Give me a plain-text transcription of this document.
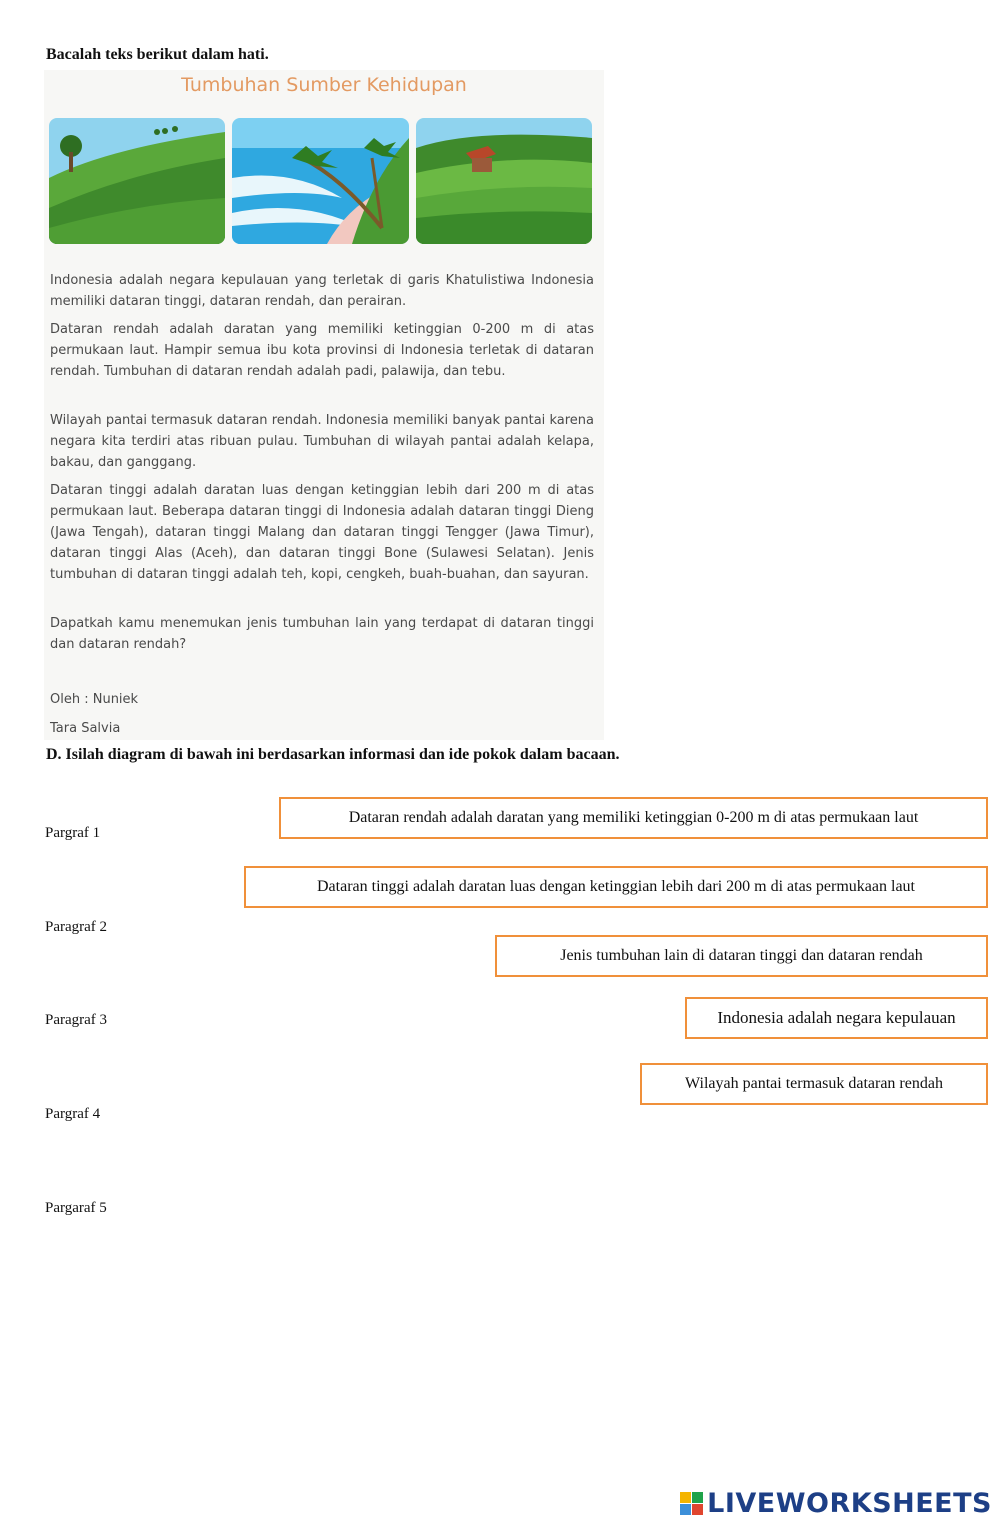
Bacalah teks berikut dalam hati.
Tumbuhan Sumber Kehidupan

Indonesia adalah negara kepulauan yang terletak di garis Khatulistiwa Indonesia memiliki dataran tinggi, dataran rendah, dan perairan.

Dataran rendah adalah daratan yang memiliki ketinggian 0-200 m di atas permukaan laut. Hampir semua ibu kota provinsi di Indonesia terletak di dataran rendah. Tumbuhan di dataran rendah adalah padi, palawija, dan tebu.

Wilayah pantai termasuk dataran rendah. Indonesia memiliki banyak pantai karena negara kita terdiri atas ribuan pulau. Tumbuhan di wilayah pantai adalah kelapa, bakau, dan ganggang.

Dataran tinggi adalah daratan luas dengan ketinggian lebih dari 200 m di atas permukaan laut. Beberapa dataran tinggi di Indonesia adalah dataran tinggi Dieng (Jawa Tengah), dataran tinggi Malang dan dataran tinggi Tengger (Jawa Timur), dataran tinggi Alas (Aceh), dan dataran tinggi Bone (Sulawesi Selatan). Jenis tumbuhan di dataran tinggi adalah teh, kopi, cengkeh, buah-buahan, dan sayuran.

Dapatkah kamu menemukan jenis tumbuhan lain yang terdapat di dataran tinggi dan dataran rendah?

Oleh : Nuniek
Tara Salvia
D. Isilah diagram di bawah ini berdasarkan informasi dan ide pokok dalam bacaan.
Pargraf 1
Paragraf 2
Paragraf 3
Pargraf 4
Pargaraf 5
Dataran rendah adalah daratan yang memiliki ketinggian 0-200 m di atas permukaan laut
Dataran tinggi adalah daratan luas dengan ketinggian lebih dari 200 m di atas permukaan laut
Jenis tumbuhan lain di dataran tinggi dan dataran rendah
Indonesia adalah negara kepulauan
Wilayah pantai termasuk dataran rendah
LIVEWORKSHEETS
